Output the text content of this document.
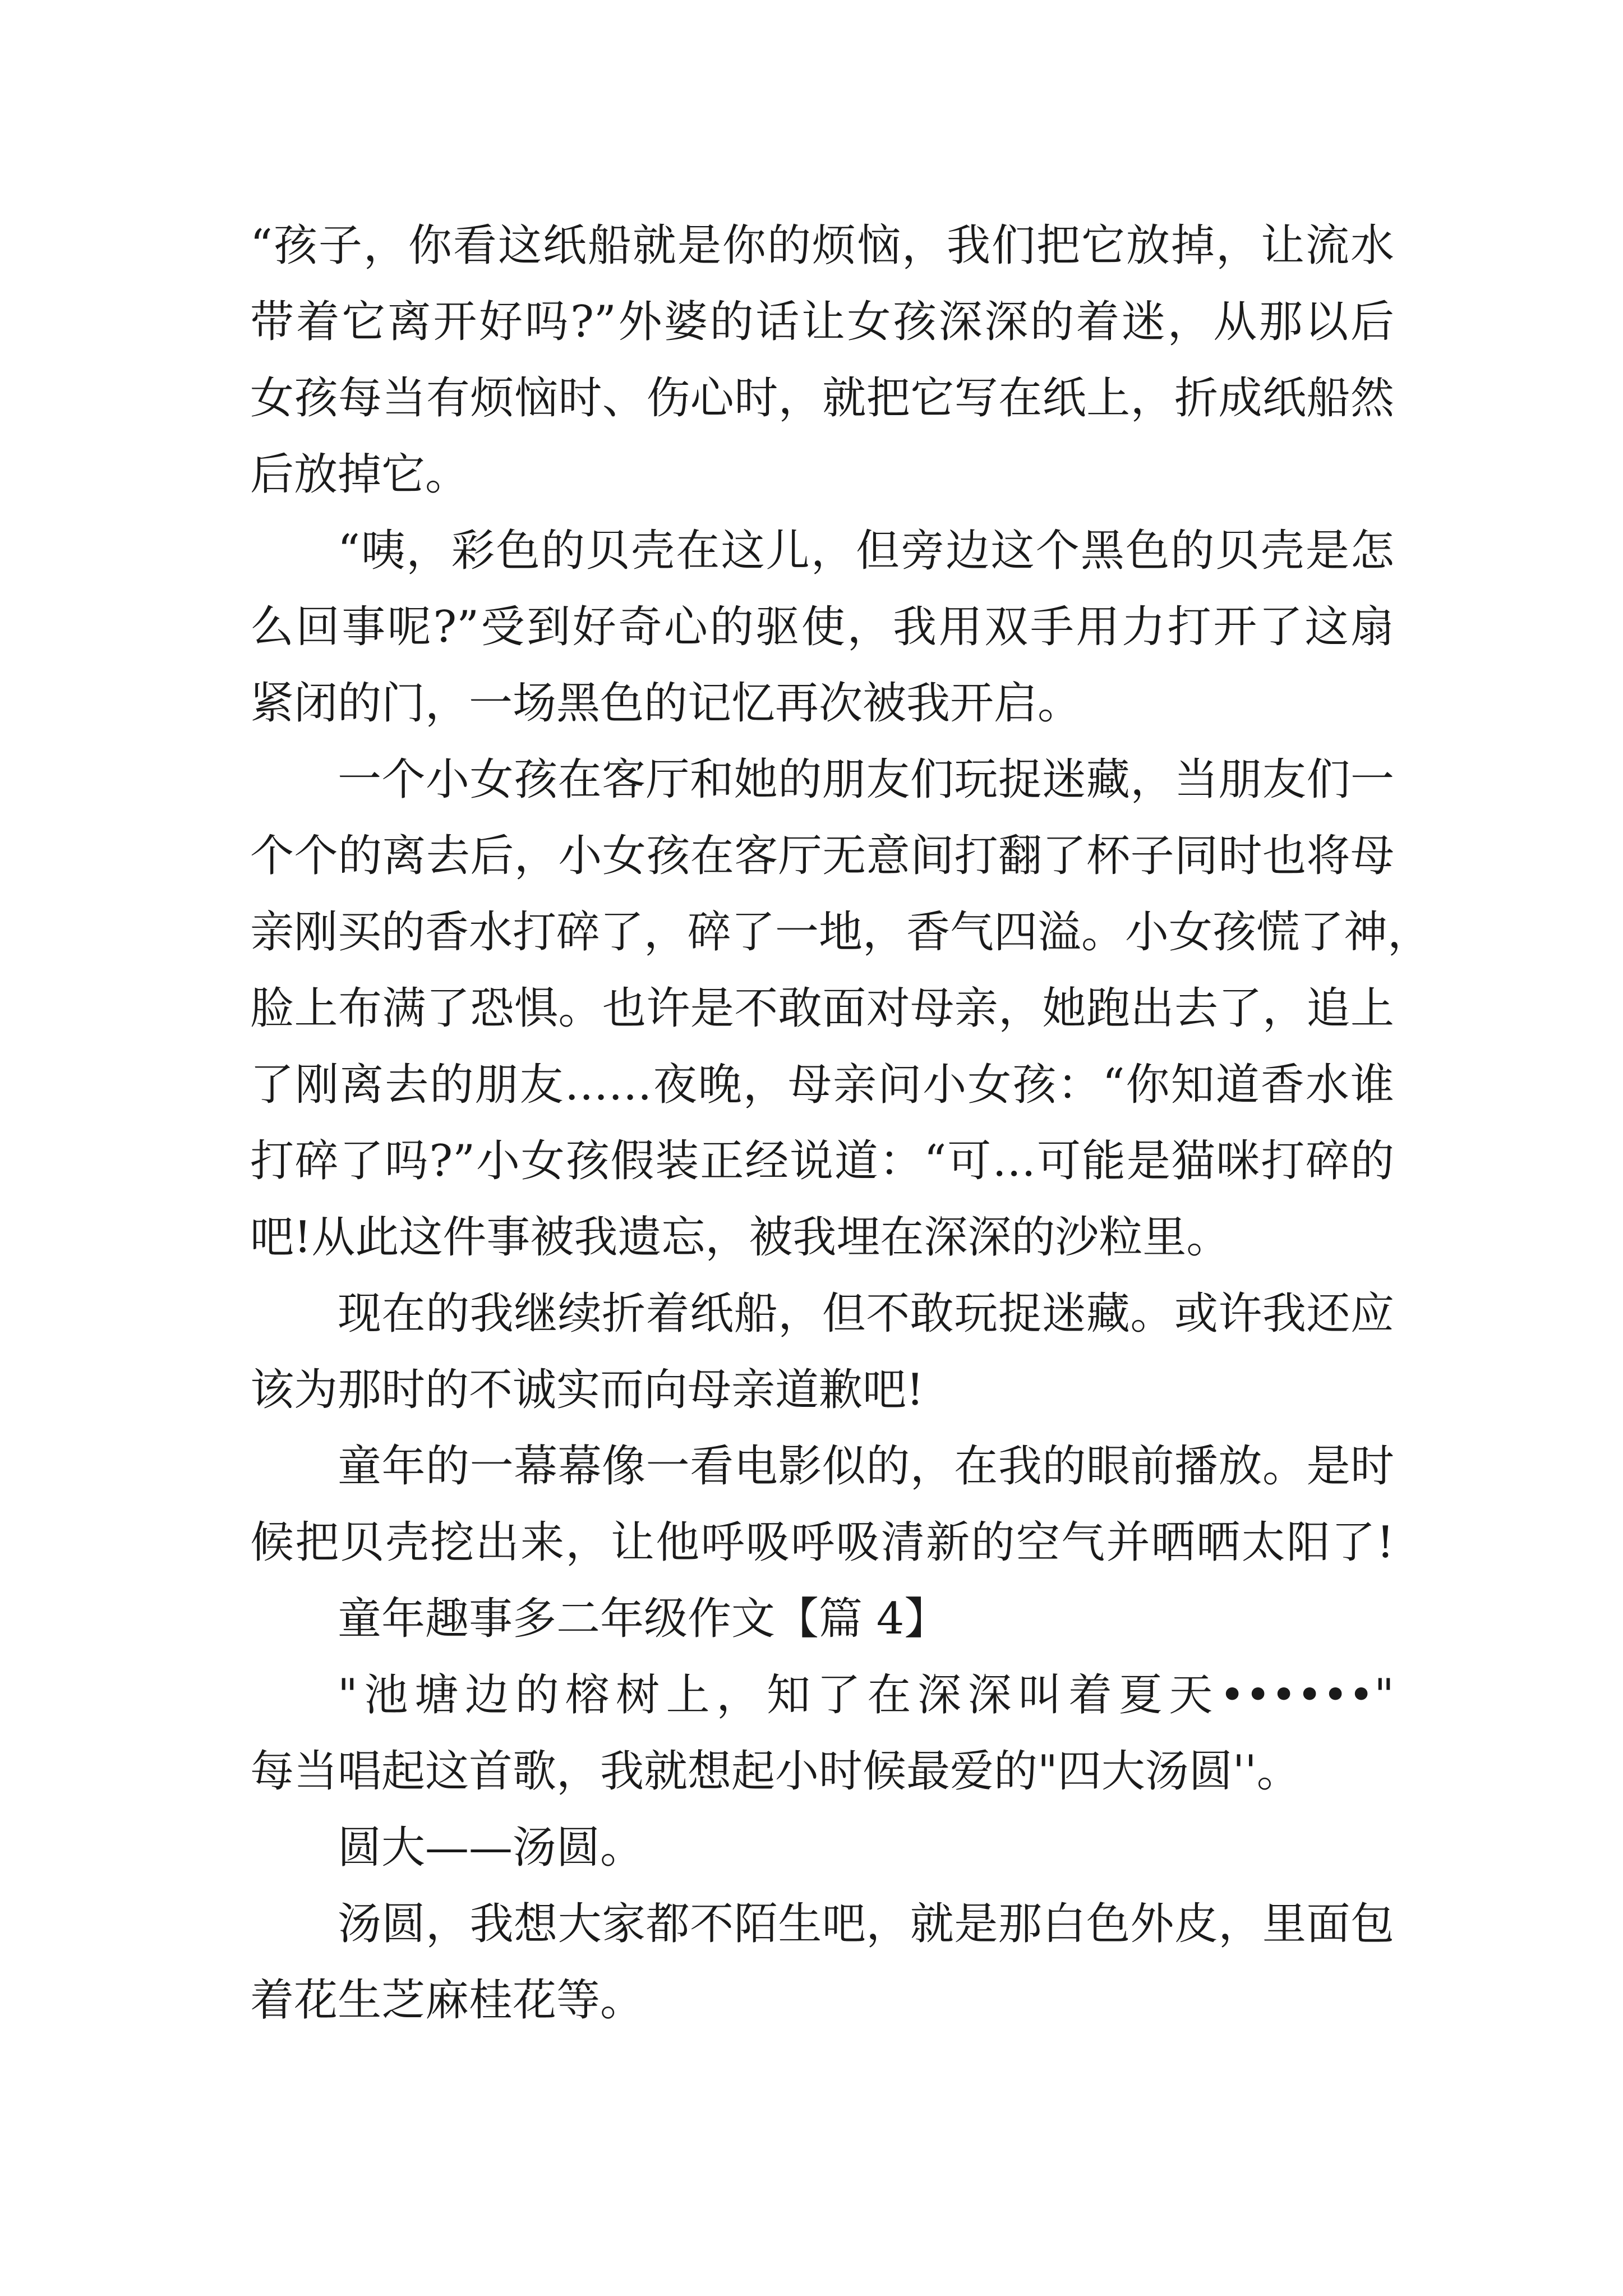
“孩子，你看这纸船就是你的烦恼，我们把它放掉，让流水
带着它离开好吗?”外婆的话让女孩深深的着迷，从那以后
女孩每当有烦恼时、伤心时，就把它写在纸上，折成纸船然
后放掉它。
“咦，彩色的贝壳在这儿，但旁边这个黑色的贝壳是怎
么回事呢?”受到好奇心的驱使，我用双手用力打开了这扇
紧闭的门，一场黑色的记忆再次被我开启。
一个小女孩在客厅和她的朋友们玩捉迷藏，当朋友们一
个个的离去后，小女孩在客厅无意间打翻了杯子同时也将母
亲刚买的香水打碎了，碎了一地，香气四溢。小女孩慌了神，
脸上布满了恐惧。也许是不敢面对母亲，她跑出去了，追上
了刚离去的朋友……夜晚，母亲问小女孩：“你知道香水谁
打碎了吗?”小女孩假装正经说道：“可…可能是猫咪打碎的
吧!从此这件事被我遗忘，被我埋在深深的沙粒里。
现在的我继续折着纸船，但不敢玩捉迷藏。或许我还应
该为那时的不诚实而向母亲道歉吧!
童年的一幕幕像一看电影似的，在我的眼前播放。是时
候把贝壳挖出来，让他呼吸呼吸清新的空气并晒晒太阳了!
童年趣事多二年级作文【篇 4】
"池塘边的榕树上，知了在深深叫着夏天••••••"
每当唱起这首歌，我就想起小时候最爱的"四大汤圆''。
圆大——汤圆。
汤圆，我想大家都不陌生吧，就是那白色外皮，里面包
着花生芝麻桂花等。
